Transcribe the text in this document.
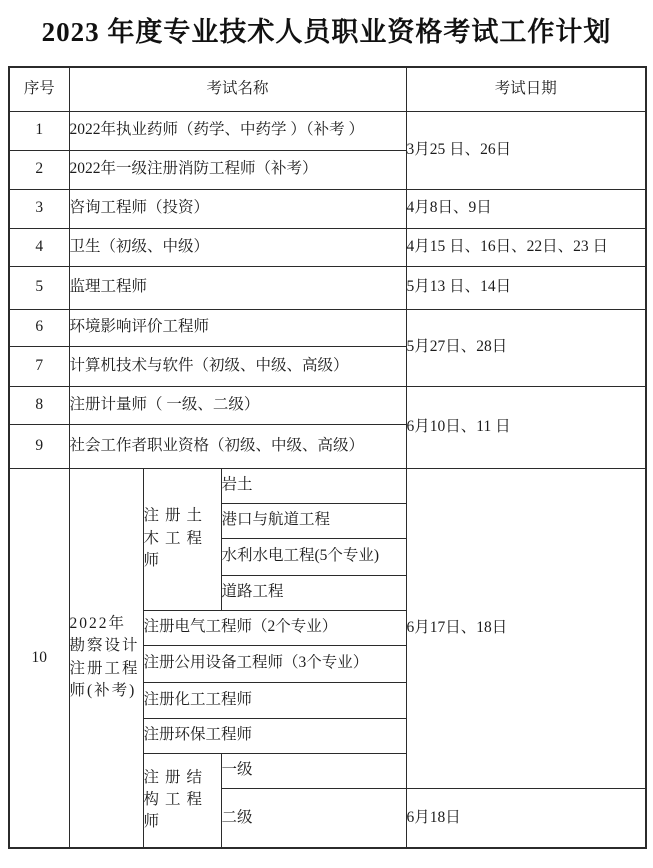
2023 年度专业技术人员职业资格考试工作计划
序号	考试名称			考试日期
1	2022年执业药师（药学、中药学 ）（补考 ）			3月25 日、26日
2	2022年一级注册消防工程师（补考）			
3	咨询工程师（投资）			4月8日、9日
4	卫生（初级、中级）			4月15 日、16日、22日、23 日
5	监理工程师			5月13 日、14日
6	环境影响评价工程师			5月27日、28日
7	计算机技术与软件（初级、中级、高级）			
8	注册计量师（ 一级、二级）			6月10日、11 日
9	社会工作者职业资格（初级、中级、高级）			
10	2022年勘察设计注册工程师(补考)	注册土木工程师	岩土	6月17日、18日
			港口与航道工程	
			水利水电工程(5个专业)	
			道路工程	
		注册电气工程师（2个专业）		
		注册公用设备工程师（3个专业）		
		注册化工工程师		
		注册环保工程师		
		注册结构工程师	一级	
			二级	6月18日
